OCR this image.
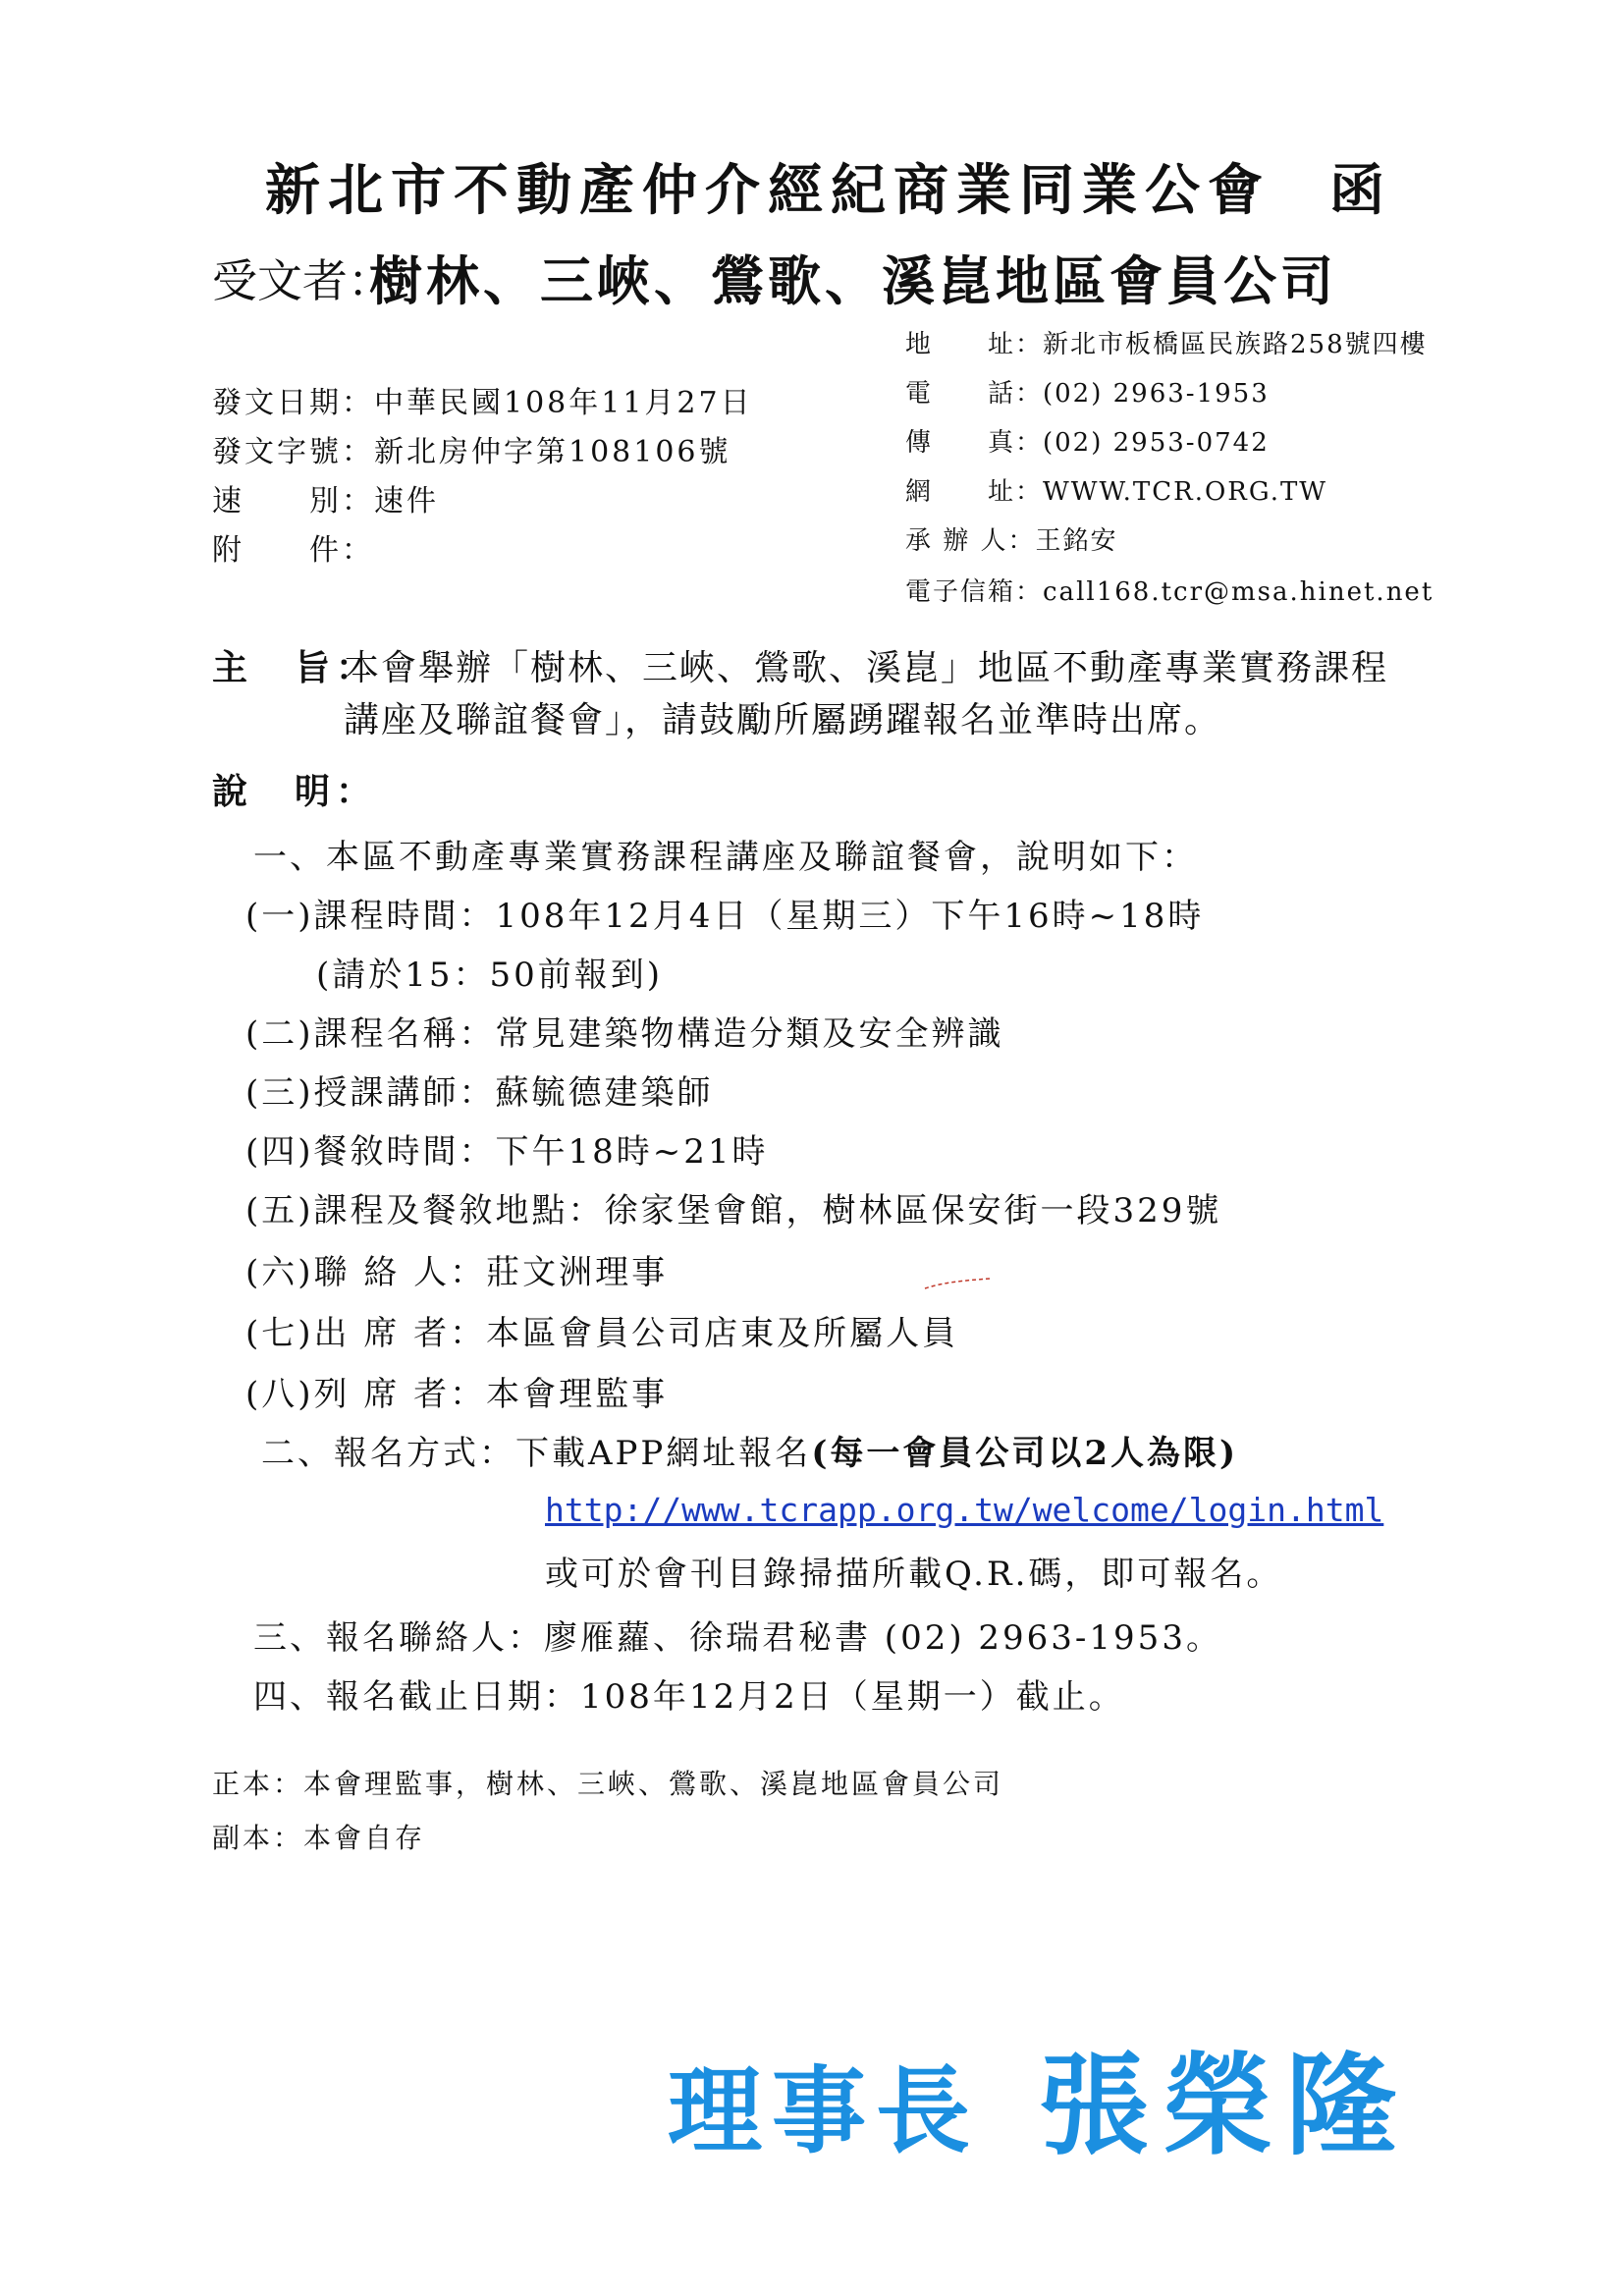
新北市不動產仲介經紀商業同業公會 函
受文者：
樹林、三峽、鶯歌、溪崑地區會員公司
地　　址：新北市板橋區民族路258號四樓
電　　話：(02) 2963-1953
傳　　真：(02) 2953-0742
網　　址：WWW.TCR.ORG.TW
承 辦 人：王銘安
電子信箱：call168.tcr@msa.hinet.net
發文日期：中華民國108年11月27日
發文字號：新北房仲字第108106號
速　　別：速件
附　　件：
主　旨：
本會舉辦「樹林、三峽、鶯歌、溪崑」地區不動產專業實務課程
講座及聯誼餐會」，請鼓勵所屬踴躍報名並準時出席。
說　明：
一、本區不動產專業實務課程講座及聯誼餐會，說明如下：
(一)課程時間：108年12月4日（星期三）下午16時~18時
(請於15：50前報到)
(二)課程名稱：常見建築物構造分類及安全辨識
(三)授課講師：蘇毓德建築師
(四)餐敘時間：下午18時~21時
(五)課程及餐敘地點：徐家堡會館，樹林區保安街一段329號
(六)聯 絡 人：莊文洲理事
(七)出 席 者：本區會員公司店東及所屬人員
(八)列 席 者：本會理監事
二、報名方式：下載APP網址報名(每一會員公司以2人為限)
http://www.tcrapp.org.tw/welcome/login.html
或可於會刊目錄掃描所載Q.R.碼，即可報名。
三、報名聯絡人：廖雁蘿、徐瑞君秘書 (02) 2963-1953。
四、報名截止日期：108年12月2日（星期一）截止。
正本：本會理監事，樹林、三峽、鶯歌、溪崑地區會員公司
副本：本會自存
理事長 張榮隆
